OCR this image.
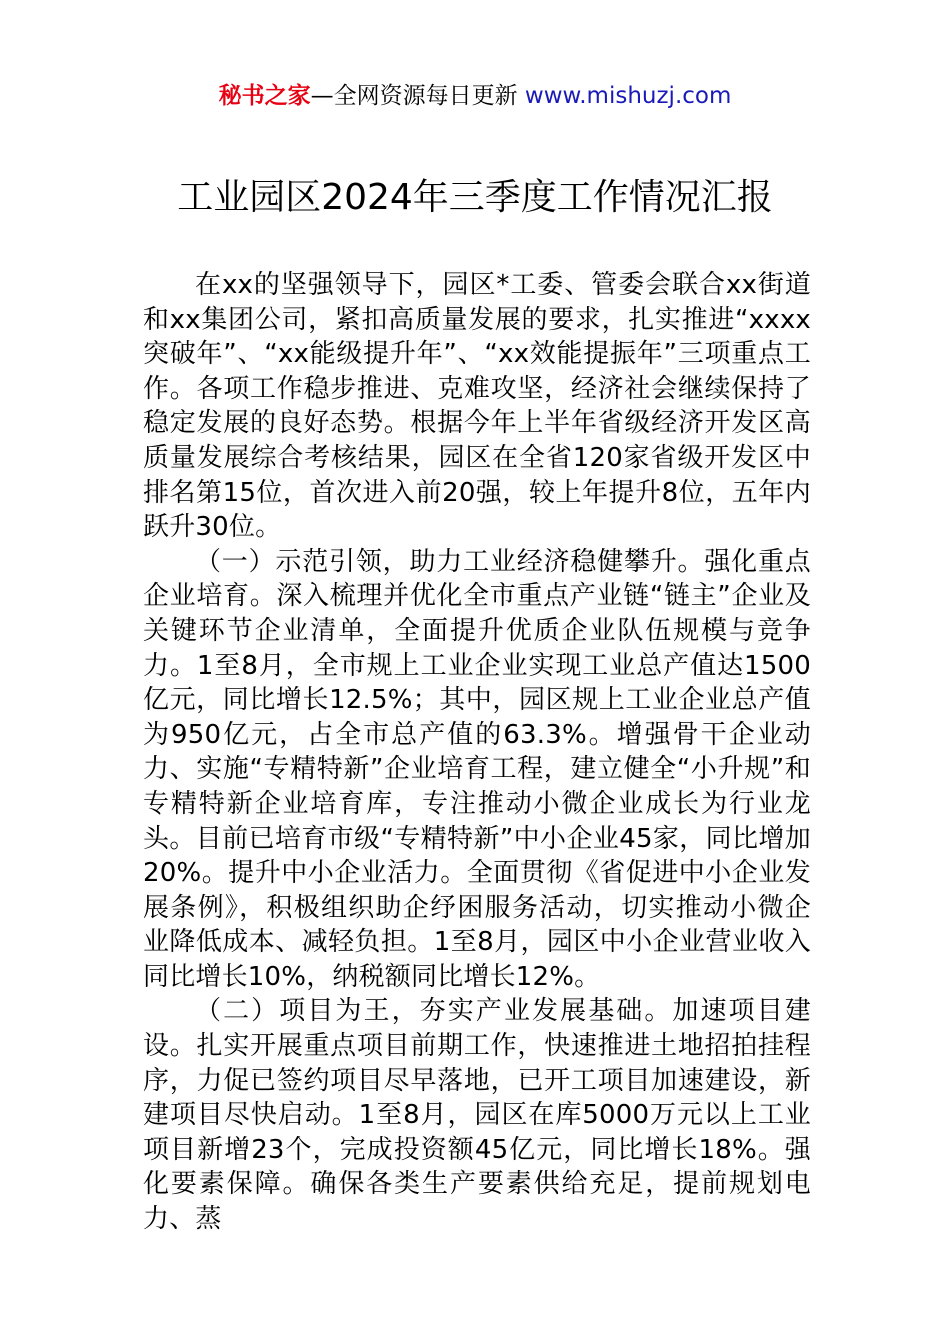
秘书之家—全网资源每日更新 www.mishuzj.com
工业园区2024年三季度工作情况汇报

在xx的坚强领导下，园区*工委、管委会联合xx街道和xx集团公司，紧扣高质量发展的要求，扎实推进“xxxx突破年”、“xx能级提升年”、“xx效能提振年”三项重点工作。各项工作稳步推进、克难攻坚，经济社会继续保持了稳定发展的良好态势。根据今年上半年省级经济开发区高质量发展综合考核结果，园区在全省120家省级开发区中排名第15位，首次进入前20强，较上年提升8位，五年内跃升30位。

（一）示范引领，助力工业经济稳健攀升。强化重点企业培育。深入梳理并优化全市重点产业链“链主”企业及关键环节企业清单，全面提升优质企业队伍规模与竞争力。1至8月，全市规上工业企业实现工业总产值达1500亿元，同比增长12.5%；其中，园区规上工业企业总产值为950亿元，占全市总产值的63.3%。增强骨干企业动力、实施“专精特新”企业培育工程，建立健全“小升规”和专精特新企业培育库，专注推动小微企业成长为行业龙头。目前已培育市级“专精特新”中小企业45家，同比增加20%。提升中小企业活力。全面贯彻《省促进中小企业发展条例》，积极组织助企纾困服务活动，切实推动小微企业降低成本、减轻负担。1至8月，园区中小企业营业收入同比增长10%，纳税额同比增长12%。

（二）项目为王，夯实产业发展基础。加速项目建设。扎实开展重点项目前期工作，快速推进土地招拍挂程序，力促已签约项目尽早落地，已开工项目加速建设，新建项目尽快启动。1至8月，园区在库5000万元以上工业项目新增23个，完成投资额45亿元，同比增长18%。强化要素保障。确保各类生产要素供给充足，提前规划电力、蒸
